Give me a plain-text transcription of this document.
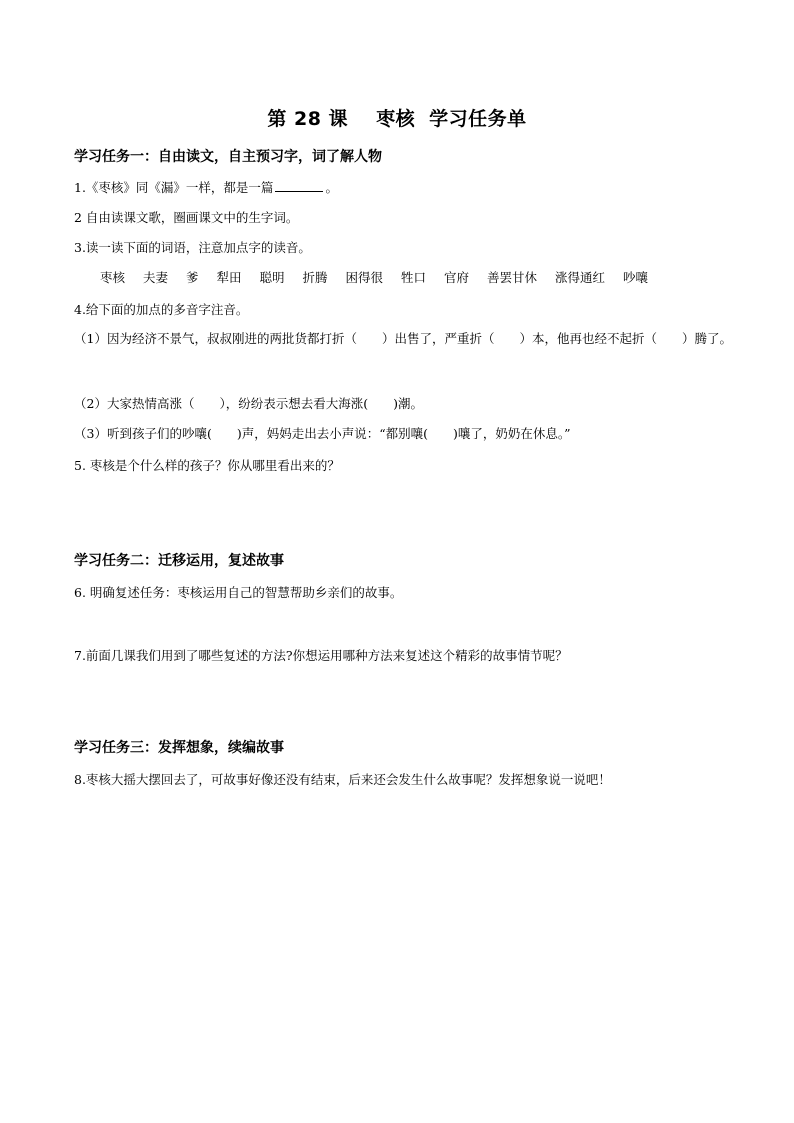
第 28 课 枣核 学习任务单
学习任务一：自由读文，自主预习字，词了解人物
1.《枣核》同《漏》一样，都是一篇	。
2 自由读课文歌，圈画课文中的生字词。
3.读一读下面的词语，注意加点字的读音。
枣核 夫妻 爹 犁田 聪明 折腾 困得很 牲口 官府 善罢甘休 涨得通红 吵嚷
4.给下面的加点的多音字注音。
（1）因为经济不景气，叔叔刚进的两批货都打折（　　）出售了，严重折（　　）本，他再也经不起折（　　）腾了。
（2）大家热情高涨（　　），纷纷表示想去看大海涨(　　)潮。
（3）听到孩子们的吵嚷(　　)声，妈妈走出去小声说：“都别嚷(　　)嚷了，奶奶在休息。”
5. 枣核是个什么样的孩子？你从哪里看出来的？
学习任务二：迁移运用，复述故事
6. 明确复述任务：枣核运用自己的智慧帮助乡亲们的故事。
7.前面几课我们用到了哪些复述的方法?你想运用哪种方法来复述这个精彩的故事情节呢？
学习任务三：发挥想象，续编故事
8.枣核大摇大摆回去了，可故事好像还没有结束，后来还会发生什么故事呢？发挥想象说一说吧！
